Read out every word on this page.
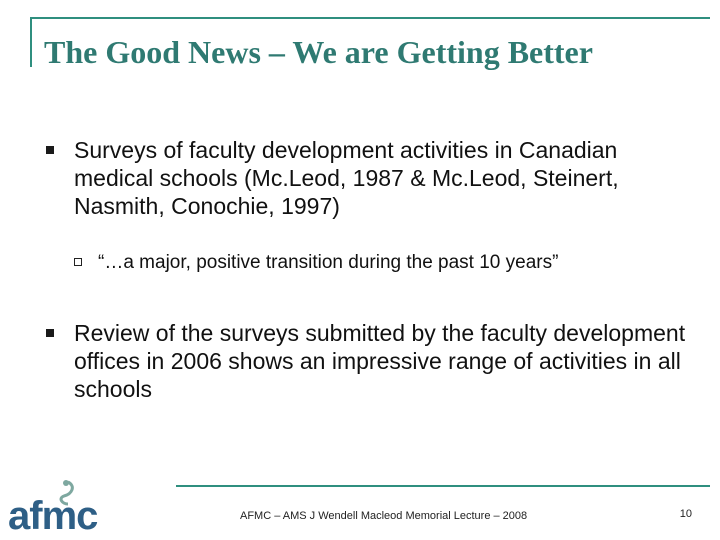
The Good News – We are Getting Better
Surveys of faculty development activities in Canadian medical schools (Mc.Leod, 1987 & Mc.Leod, Steinert, Nasmith, Conochie, 1997)
“…a major, positive transition during the past 10 years”
Review of the surveys submitted by the faculty development offices in 2006 shows an impressive range of activities in all schools
afmc	AFMC – AMS J Wendell Macleod Memorial Lecture – 2008	10
